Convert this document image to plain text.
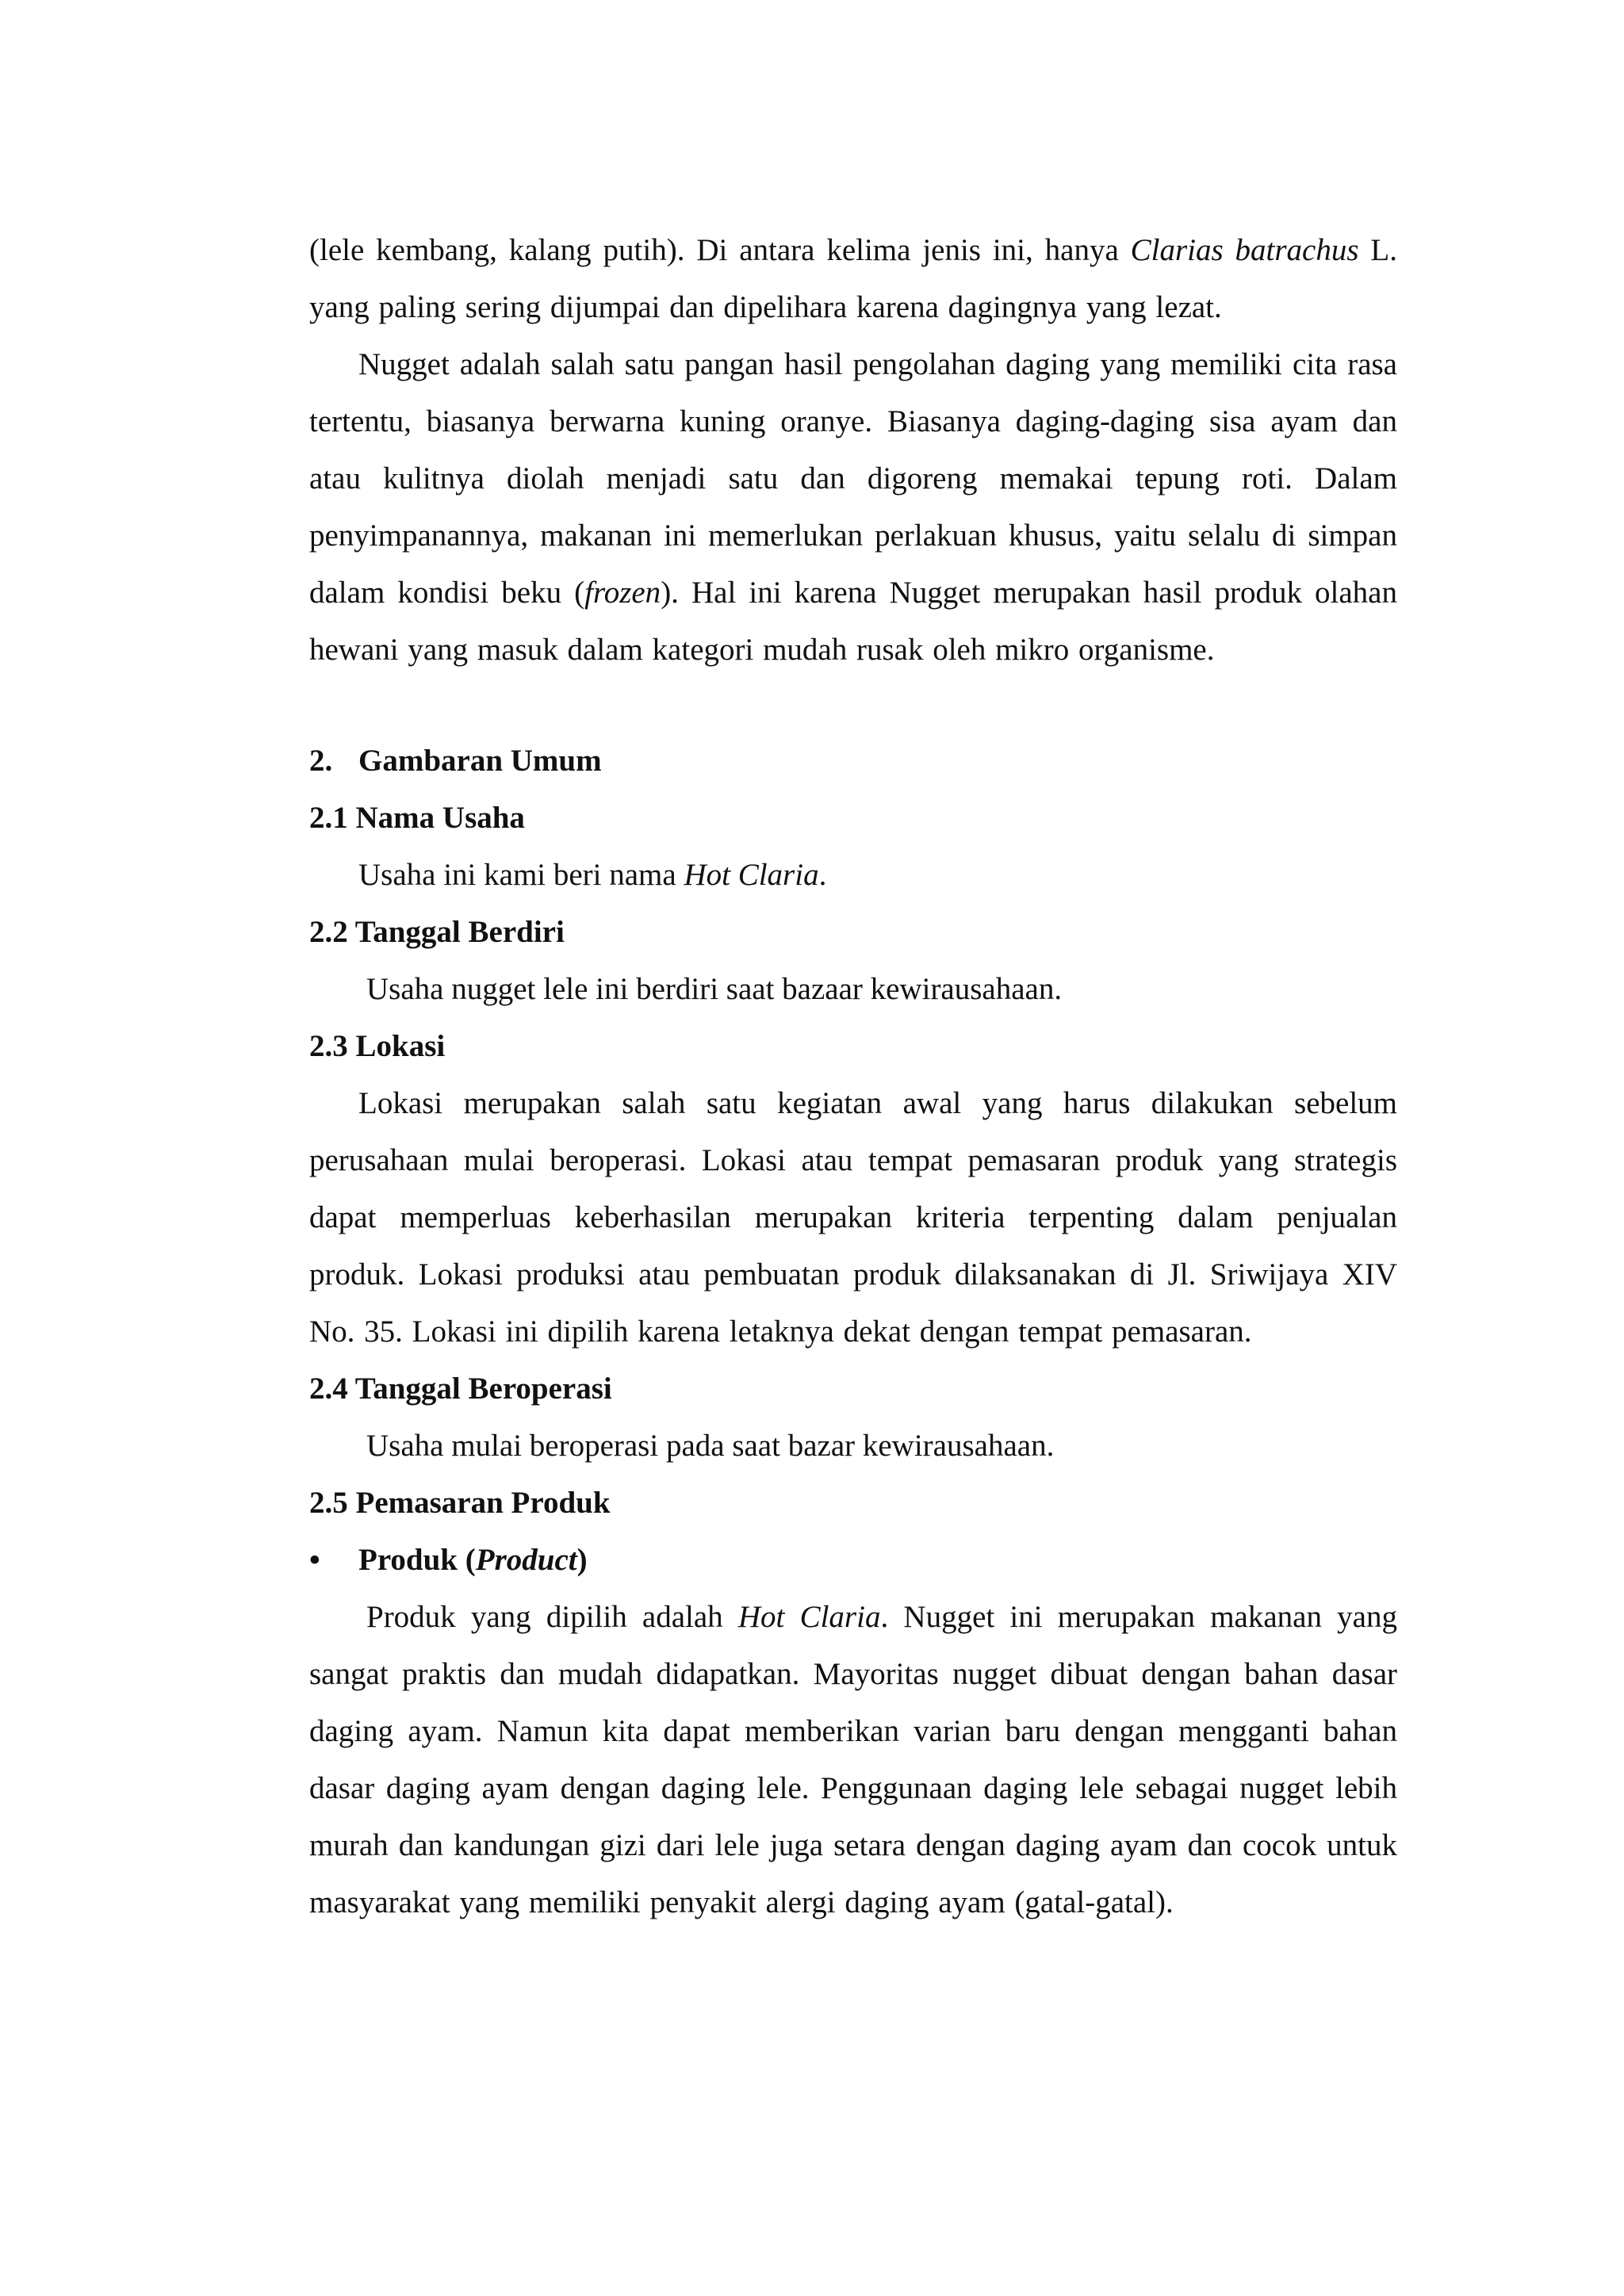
(lele kembang, kalang putih). Di antara kelima jenis ini, hanya Clarias batrachus L. yang paling sering dijumpai dan dipelihara karena dagingnya yang lezat.

Nugget adalah salah satu pangan hasil pengolahan daging yang memiliki cita rasa tertentu, biasanya berwarna kuning oranye. Biasanya daging-daging sisa ayam dan atau kulitnya diolah menjadi satu dan digoreng memakai tepung roti. Dalam penyimpanannya, makanan ini memerlukan perlakuan khusus, yaitu selalu di simpan dalam kondisi beku (frozen). Hal ini karena Nugget merupakan hasil produk olahan hewani yang masuk dalam kategori mudah rusak oleh mikro organisme.

2. Gambaran Umum

2.1 Nama Usaha

Usaha ini kami beri nama Hot Claria.

2.2 Tanggal Berdiri

Usaha nugget lele ini berdiri saat bazaar kewirausahaan.

2.3 Lokasi

Lokasi merupakan salah satu kegiatan awal yang harus dilakukan sebelum perusahaan mulai beroperasi. Lokasi atau tempat pemasaran produk yang strategis dapat memperluas keberhasilan merupakan kriteria terpenting dalam penjualan produk. Lokasi produksi atau pembuatan produk dilaksanakan di Jl. Sriwijaya XIV No. 35. Lokasi ini dipilih karena letaknya dekat dengan tempat pemasaran.

2.4 Tanggal Beroperasi

Usaha mulai beroperasi pada saat bazar kewirausahaan.

2.5 Pemasaran Produk

•	Produk (Product)

Produk yang dipilih adalah Hot Claria. Nugget ini merupakan makanan yang sangat praktis dan mudah didapatkan. Mayoritas nugget dibuat dengan bahan dasar daging ayam. Namun kita dapat memberikan varian baru dengan mengganti bahan dasar daging ayam dengan daging lele. Penggunaan daging lele sebagai nugget lebih murah dan kandungan gizi dari lele juga setara dengan daging ayam dan cocok untuk masyarakat yang memiliki penyakit alergi daging ayam (gatal-gatal).
